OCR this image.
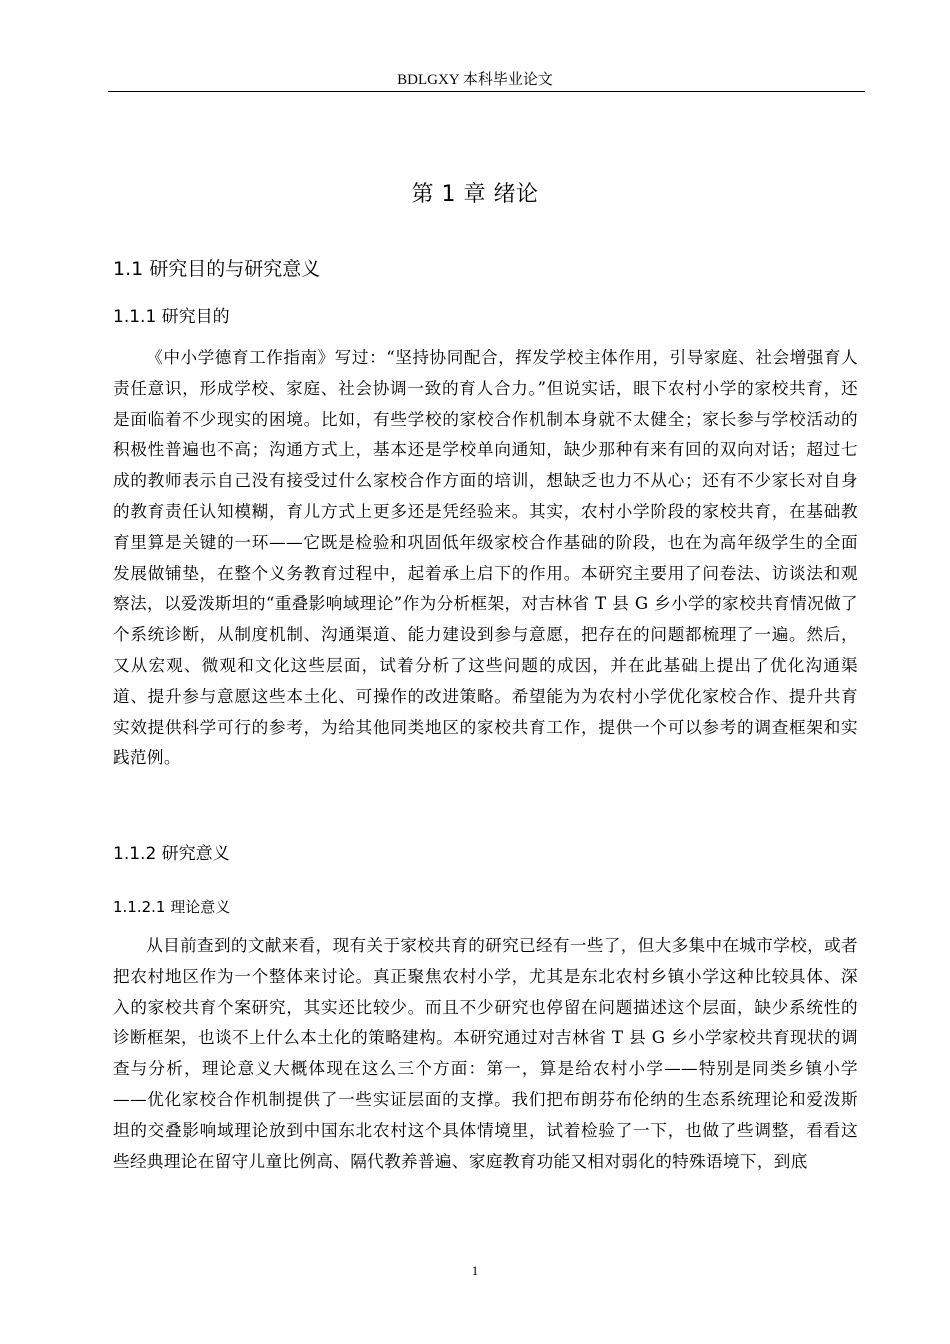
BDLGXY 本科毕业论文
第 1 章 绪论
1.1 研究目的与研究意义
1.1.1 研究目的

《中小学德育工作指南》写过：“坚持协同配合，挥发学校主体作用，引导家庭、社会增强育人责任意识，形成学校、家庭、社会协调一致的育人合力。”但说实话，眼下农村小学的家校共育，还是面临着不少现实的困境。比如，有些学校的家校合作机制本身就不太健全；家长参与学校活动的积极性普遍也不高；沟通方式上，基本还是学校单向通知，缺少那种有来有回的双向对话；超过七成的教师表示自己没有接受过什么家校合作方面的培训，想缺乏也力不从心；还有不少家长对自身的教育责任认知模糊，育儿方式上更多还是凭经验来。其实，农村小学阶段的家校共育，在基础教育里算是关键的一环——它既是检验和巩固低年级家校合作基础的阶段，也在为高年级学生的全面发展做铺垫，在整个义务教育过程中，起着承上启下的作用。本研究主要用了问卷法、访谈法和观察法，以爱泼斯坦的“重叠影响域理论”作为分析框架，对吉林省 T 县 G 乡小学的家校共育情况做了个系统诊断，从制度机制、沟通渠道、能力建设到参与意愿，把存在的问题都梳理了一遍。然后，又从宏观、微观和文化这些层面，试着分析了这些问题的成因，并在此基础上提出了优化沟通渠道、提升参与意愿这些本土化、可操作的改进策略。希望能为为农村小学优化家校合作、提升共育实效提供科学可行的参考，为给其他同类地区的家校共育工作，提供一个可以参考的调查框架和实践范例。

1.1.2 研究意义
1.1.2.1 理论意义

从目前查到的文献来看，现有关于家校共育的研究已经有一些了，但大多集中在城市学校，或者把农村地区作为一个整体来讨论。真正聚焦农村小学，尤其是东北农村乡镇小学这种比较具体、深入的家校共育个案研究，其实还比较少。而且不少研究也停留在问题描述这个层面，缺少系统性的诊断框架，也谈不上什么本土化的策略建构。本研究通过对吉林省 T 县 G 乡小学家校共育现状的调查与分析，理论意义大概体现在这么三个方面：第一，算是给农村小学——特别是同类乡镇小学——优化家校合作机制提供了一些实证层面的支撑。我们把布朗芬布伦纳的生态系统理论和爱泼斯坦的交叠影响域理论放到中国东北农村这个具体情境里，试着检验了一下，也做了些调整，看看这些经典理论在留守儿童比例高、隔代教养普遍、家庭教育功能又相对弱化的特殊语境下，到底

1
